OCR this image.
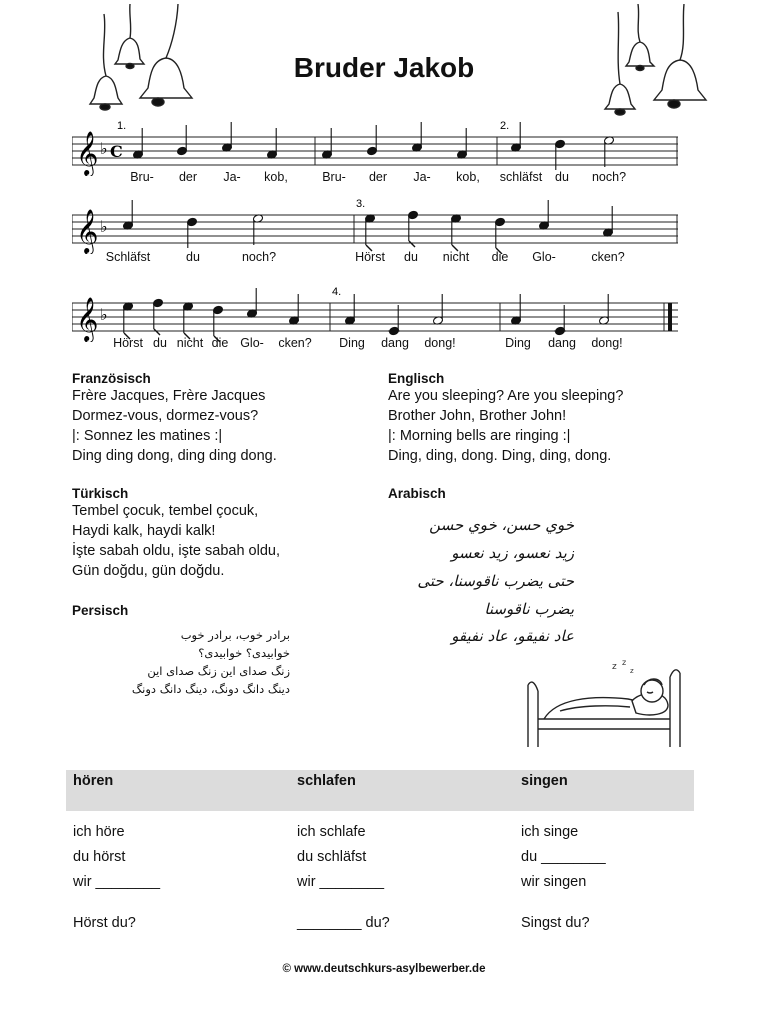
Bruder Jakob
𝄞 ♭ C
1.	2.
Bru- der Ja- kob,	Bru- der Ja- kob, schläfst du noch?
𝄞 ♭
3.
Schläfst	du	noch?	Hörst du nicht die Glo-	cken?
𝄞 ♭
4.
Hörst du nicht die Glo- cken? Ding dang dong!	Ding dang dong!
Französisch
Frère Jacques, Frère Jacques
Dormez-vous, dormez-vous?
|: Sonnez les matines :|
Ding ding dong, ding ding dong.
Englisch
Are you sleeping? Are you sleeping?
Brother John, Brother John!
|: Morning bells are ringing :|
Ding, ding, dong. Ding, ding, dong.
Türkisch
Tembel çocuk, tembel çocuk,
Haydi kalk, haydi kalk!
İşte sabah oldu, işte sabah oldu,
Gün doğdu, gün doğdu.
Arabisch
خوي حسن، خوي حسن
زيد نعسو، زيد نعسو
حتى يضرب ناقوسنا، حتى
يضرب ناقوسنا
عاد نفيقو، عاد نفيقو
Persisch
برادر خوب، برادر خوب
خوابیدی؟ خوابیدی؟
زنگ صدای این زنگ صدای این
دینگ دانگ دونگ، دینگ دانگ دونگ
z z
z
hören	schlafen	singen

ich höre	ich schlafe	ich singe
du hörst	du schläfst	du ________
wir ________	wir ________	wir singen

Hörst du?	________ du?	Singst du?
© www.deutschkurs-asylbewerber.de
